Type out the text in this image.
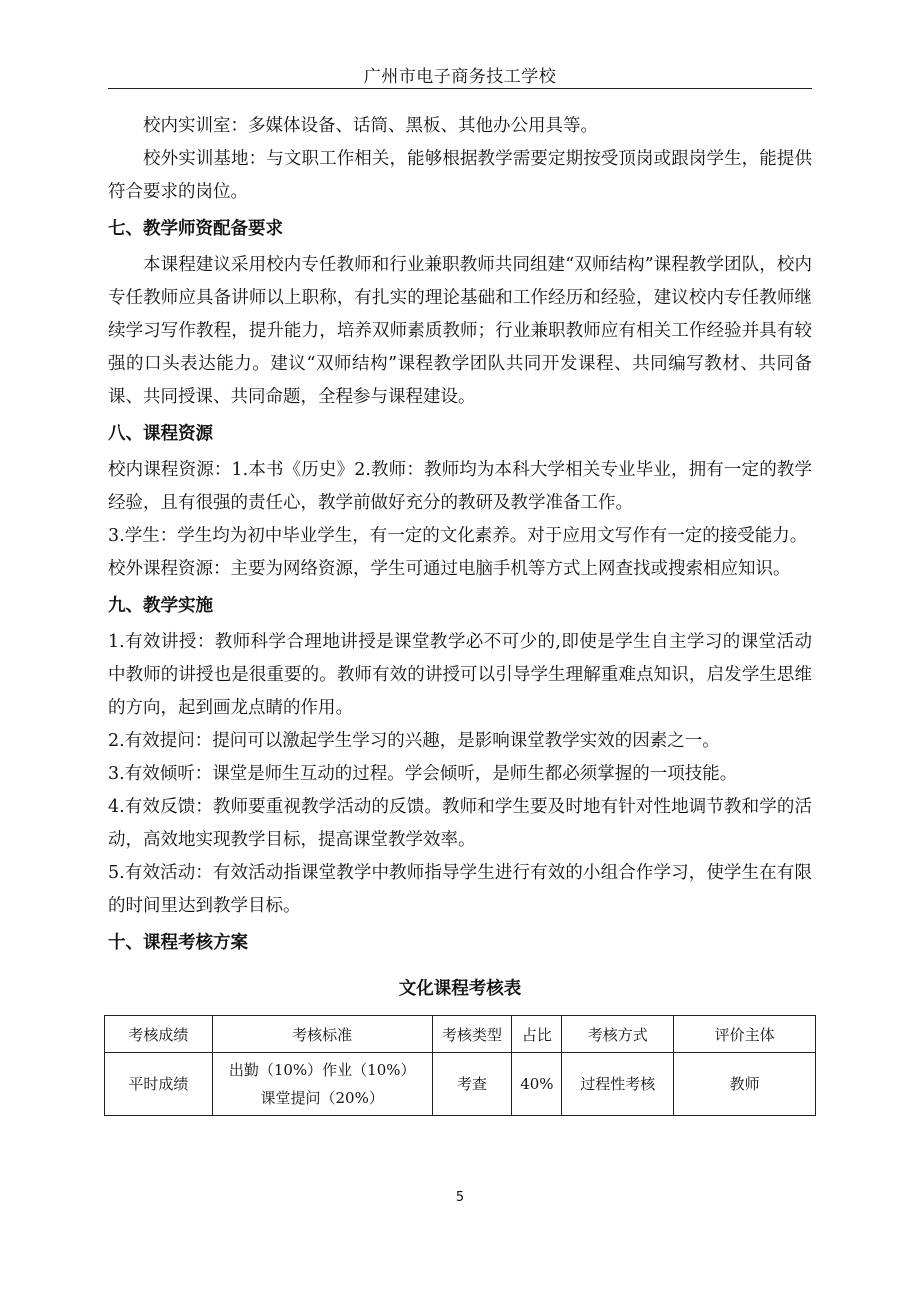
广州市电子商务技工学校
校内实训室：多媒体设备、话筒、黑板、其他办公用具等。
校外实训基地：与文职工作相关，能够根据教学需要定期按受顶岗或跟岗学生，能提供符合要求的岗位。
七、教学师资配备要求
本课程建议采用校内专任教师和行业兼职教师共同组建“双师结构”课程教学团队，校内专任教师应具备讲师以上职称，有扎实的理论基础和工作经历和经验，建议校内专任教师继续学习写作教程，提升能力，培养双师素质教师；行业兼职教师应有相关工作经验并具有较强的口头表达能力。建议“双师结构”课程教学团队共同开发课程、共同编写教材、共同备课、共同授课、共同命题，全程参与课程建设。
八、课程资源
校内课程资源：1.本书《历史》2.教师：教师均为本科大学相关专业毕业，拥有一定的教学经验，且有很强的责任心，教学前做好充分的教研及教学准备工作。
3.学生：学生均为初中毕业学生，有一定的文化素养。对于应用文写作有一定的接受能力。
校外课程资源：主要为网络资源，学生可通过电脑手机等方式上网查找或搜索相应知识。
九、教学实施
1.有效讲授：教师科学合理地讲授是课堂教学必不可少的,即使是学生自主学习的课堂活动中教师的讲授也是很重要的。教师有效的讲授可以引导学生理解重难点知识，启发学生思维的方向，起到画龙点睛的作用。
2.有效提问：提问可以激起学生学习的兴趣，是影响课堂教学实效的因素之一。
3.有效倾听：课堂是师生互动的过程。学会倾听，是师生都必须掌握的一项技能。
4.有效反馈：教师要重视教学活动的反馈。教师和学生要及时地有针对性地调节教和学的活动，高效地实现教学目标，提高课堂教学效率。
5.有效活动：有效活动指课堂教学中教师指导学生进行有效的小组合作学习，使学生在有限的时间里达到教学目标。
十、课程考核方案
文化课程考核表
考核成绩	考核标准	考核类型	占比	考核方式	评价主体
平时成绩	出勤（10%）作业（10%）
课堂提问（20%）	考查	40%	过程性考核	教师
5
